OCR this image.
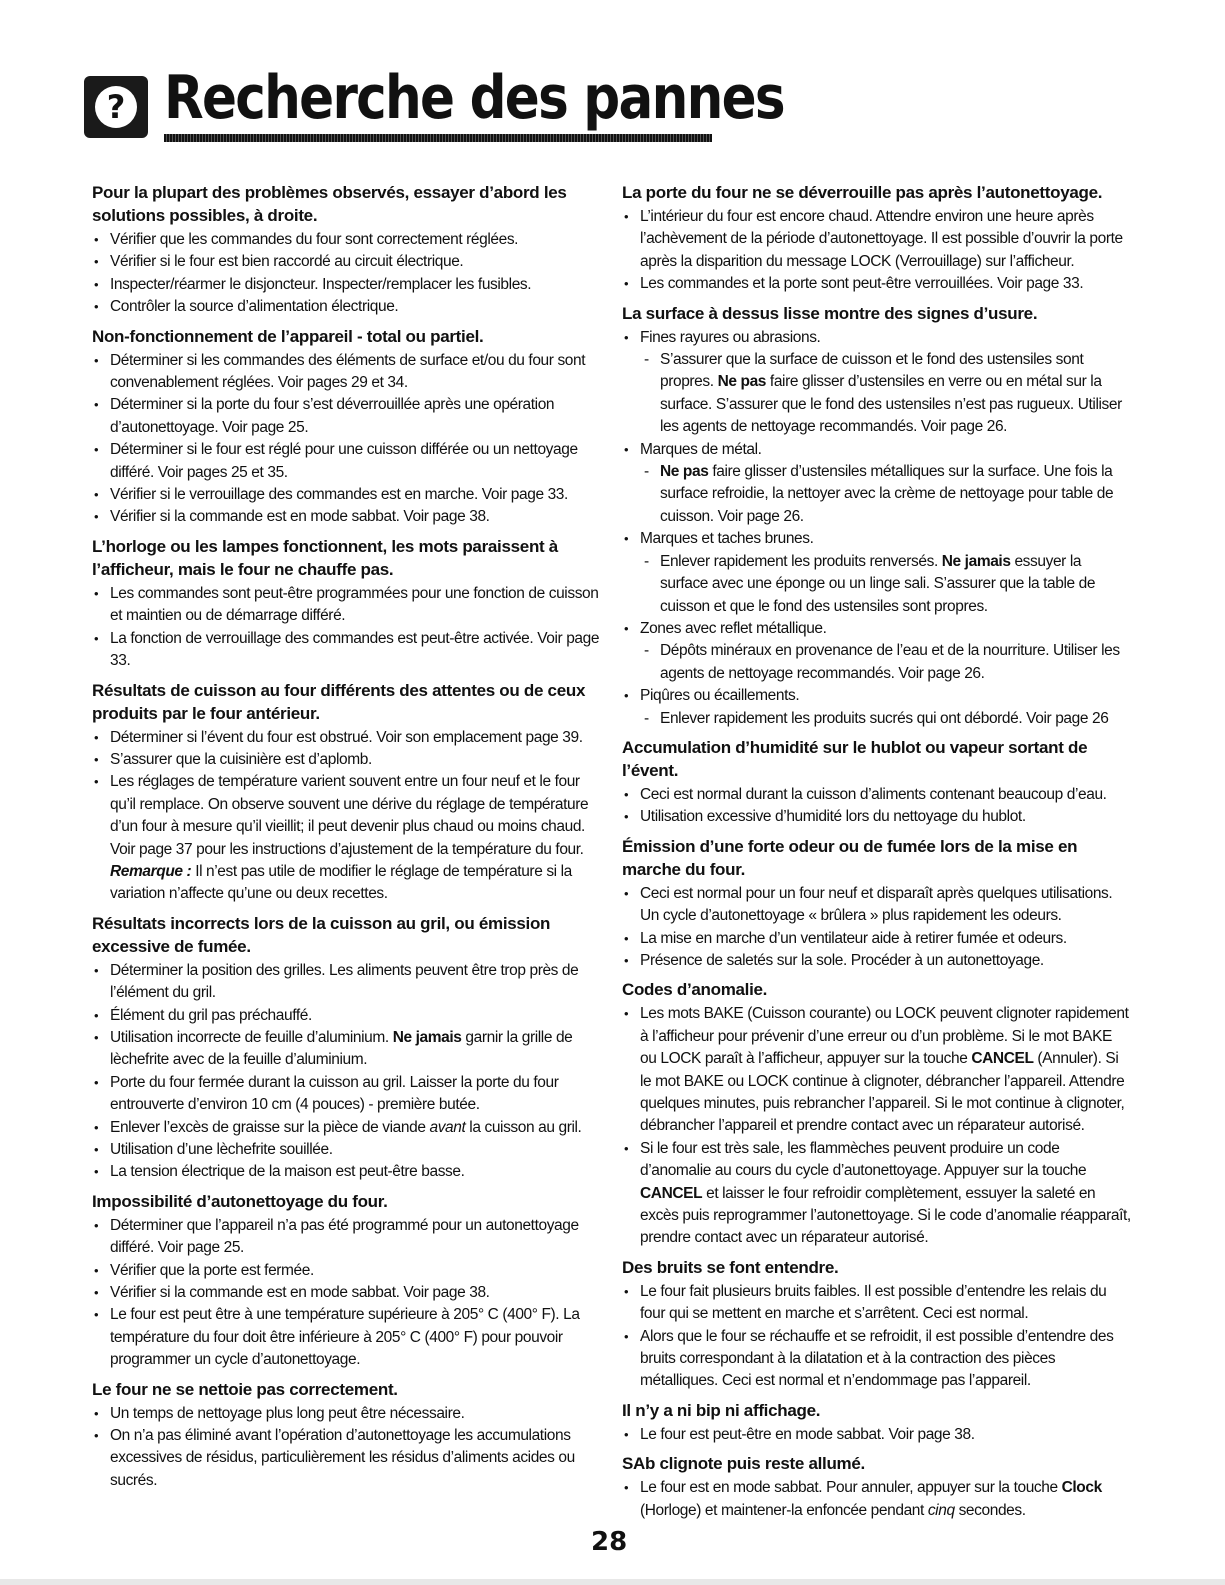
? Recherche des pannes
Pour la plupart des problèmes observés, essayer d’abord les solutions possibles, à droite.
• Vérifier que les commandes du four sont correctement réglées.
• Vérifier si le four est bien raccordé au circuit électrique.
• Inspecter/réarmer le disjoncteur. Inspecter/remplacer les fusibles.
• Contrôler la source d’alimentation électrique.
Non-fonctionnement de l’appareil - total ou partiel.
• Déterminer si les commandes des éléments de surface et/ou du four sont convenablement réglées. Voir pages 29 et 34.
• Déterminer si la porte du four s’est déverrouillée après une opération d’autonettoyage. Voir page 25.
• Déterminer si le four est réglé pour une cuisson différée ou un nettoyage différé. Voir pages 25 et 35.
• Vérifier si le verrouillage des commandes est en marche. Voir page 33.
• Vérifier si la commande est en mode sabbat. Voir page 38.
L’horloge ou les lampes fonctionnent, les mots paraissent à l’afficheur, mais le four ne chauffe pas.
• Les commandes sont peut-être programmées pour une fonction de cuisson et maintien ou de démarrage différé.
• La fonction de verrouillage des commandes est peut-être activée. Voir page 33.
Résultats de cuisson au four différents des attentes ou de ceux produits par le four antérieur.
• Déterminer si l’évent du four est obstrué. Voir son emplacement page 39.
• S’assurer que la cuisinière est d’aplomb.
• Les réglages de température varient souvent entre un four neuf et le four qu’il remplace. On observe souvent une dérive du réglage de température d’un four à mesure qu’il vieillit; il peut devenir plus chaud ou moins chaud. Voir page 37 pour les instructions d’ajustement de la température du four.
Remarque : Il n’est pas utile de modifier le réglage de température si la variation n’affecte qu’une ou deux recettes.
Résultats incorrects lors de la cuisson au gril, ou émission excessive de fumée.
• Déterminer la position des grilles. Les aliments peuvent être trop près de l’élément du gril.
• Élément du gril pas préchauffé.
• Utilisation incorrecte de feuille d’aluminium. Ne jamais garnir la grille de lèchefrite avec de la feuille d’aluminium.
• Porte du four fermée durant la cuisson au gril. Laisser la porte du four entrouverte d’environ 10 cm (4 pouces) - première butée.
• Enlever l’excès de graisse sur la pièce de viande avant la cuisson au gril.
• Utilisation d’une lèchefrite souillée.
• La tension électrique de la maison est peut-être basse.
Impossibilité d’autonettoyage du four.
• Déterminer que l’appareil n’a pas été programmé pour un autonettoyage différé. Voir page 25.
• Vérifier que la porte est fermée.
• Vérifier si la commande est en mode sabbat. Voir page 38.
• Le four est peut être à une température supérieure à 205° C (400° F). La température du four doit être inférieure à 205° C (400° F) pour pouvoir programmer un cycle d’autonettoyage.
Le four ne se nettoie pas correctement.
• Un temps de nettoyage plus long peut être nécessaire.
• On n’a pas éliminé avant l’opération d’autonettoyage les accumulations excessives de résidus, particulièrement les résidus d’aliments acides ou sucrés.
La porte du four ne se déverrouille pas après l’autonettoyage.
• L’intérieur du four est encore chaud. Attendre environ une heure après l’achèvement de la période d’autonettoyage. Il est possible d’ouvrir la porte après la disparition du message LOCK (Verrouillage) sur l’afficheur.
• Les commandes et la porte sont peut-être verrouillées. Voir page 33.
La surface à dessus lisse montre des signes d’usure.
• Fines rayures ou abrasions.
- S’assurer que la surface de cuisson et le fond des ustensiles sont propres. Ne pas faire glisser d’ustensiles en verre ou en métal sur la surface. S’assurer que le fond des ustensiles n’est pas rugueux. Utiliser les agents de nettoyage recommandés. Voir page 26.
• Marques de métal.
- Ne pas faire glisser d’ustensiles métalliques sur la surface. Une fois la surface refroidie, la nettoyer avec la crème de nettoyage pour table de cuisson. Voir page 26.
• Marques et taches brunes.
- Enlever rapidement les produits renversés. Ne jamais essuyer la surface avec une éponge ou un linge sali. S’assurer que la table de cuisson et que le fond des ustensiles sont propres.
• Zones avec reflet métallique.
- Dépôts minéraux en provenance de l’eau et de la nourriture. Utiliser les agents de nettoyage recommandés. Voir page 26.
• Piqûres ou écaillements.
- Enlever rapidement les produits sucrés qui ont débordé. Voir page 26
Accumulation d’humidité sur le hublot ou vapeur sortant de l’évent.
• Ceci est normal durant la cuisson d’aliments contenant beaucoup d’eau.
• Utilisation excessive d’humidité lors du nettoyage du hublot.
Émission d’une forte odeur ou de fumée lors de la mise en marche du four.
• Ceci est normal pour un four neuf et disparaît après quelques utilisations. Un cycle d’autonettoyage « brûlera » plus rapidement les odeurs.
• La mise en marche d’un ventilateur aide à retirer fumée et odeurs.
• Présence de saletés sur la sole. Procéder à un autonettoyage.
Codes d’anomalie.
• Les mots BAKE (Cuisson courante) ou LOCK peuvent clignoter rapidement à l’afficheur pour prévenir d’une erreur ou d’un problème. Si le mot BAKE ou LOCK paraît à l’afficheur, appuyer sur la touche CANCEL (Annuler). Si le mot BAKE ou LOCK continue à clignoter, débrancher l’appareil. Attendre quelques minutes, puis rebrancher l’appareil. Si le mot continue à clignoter, débrancher l’appareil et prendre contact avec un réparateur autorisé.
• Si le four est très sale, les flammèches peuvent produire un code d’anomalie au cours du cycle d’autonettoyage. Appuyer sur la touche CANCEL et laisser le four refroidir complètement, essuyer la saleté en excès puis reprogrammer l’autonettoyage. Si le code d’anomalie réapparaît, prendre contact avec un réparateur autorisé.
Des bruits se font entendre.
• Le four fait plusieurs bruits faibles. Il est possible d’entendre les relais du four qui se mettent en marche et s’arrêtent. Ceci est normal.
• Alors que le four se réchauffe et se refroidit, il est possible d’entendre des bruits correspondant à la dilatation et à la contraction des pièces métalliques. Ceci est normal et n’endommage pas l’appareil.
Il n’y a ni bip ni affichage.
• Le four est peut-être en mode sabbat. Voir page 38.
SAb clignote puis reste allumé.
• Le four est en mode sabbat. Pour annuler, appuyer sur la touche Clock (Horloge) et maintener-la enfoncée pendant cinq secondes.
28
